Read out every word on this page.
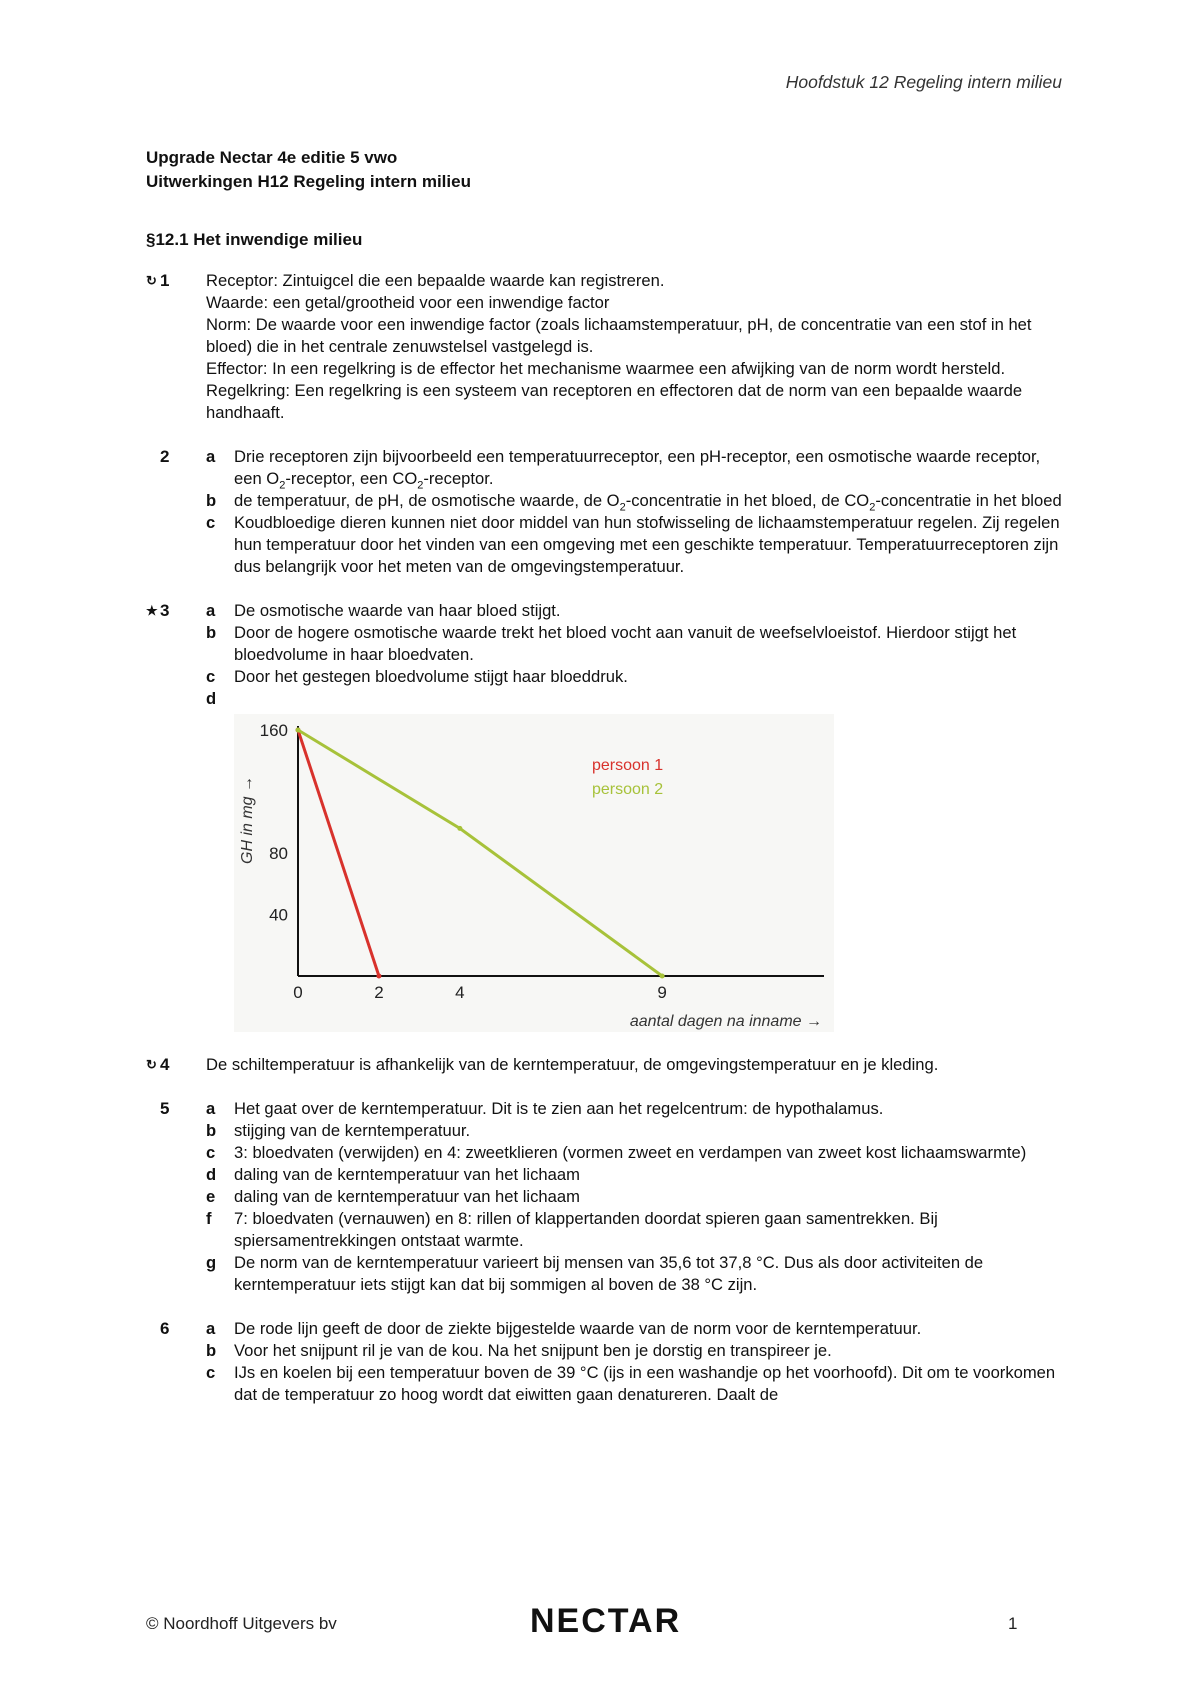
Hoofdstuk 12 Regeling intern milieu

Upgrade Nectar 4e editie 5 vwo

Uitwerkingen H12 Regeling intern milieu

§12.1 Het inwendige milieu

↻ 1 Receptor: Zintuigcel die een bepaalde waarde kan registreren.
Waarde: een getal/grootheid voor een inwendige factor
Norm: De waarde voor een inwendige factor (zoals lichaamstemperatuur, pH, de concentratie van een stof in het bloed) die in het centrale zenuwstelsel vastgelegd is.
Effector: In een regelkring is de effector het mechanisme waarmee een afwijking van de norm wordt hersteld.
Regelkring: Een regelkring is een systeem van receptoren en effectoren dat de norm van een bepaalde waarde handhaaft.
2 a	Drie receptoren zijn bijvoorbeeld een temperatuurreceptor, een pH-receptor, een osmotische waarde receptor, een $O_2$-receptor, een $CO_2$-receptor.
b	de temperatuur, de pH, de osmotische waarde, de $O_2$-concentratie in het bloed, de $CO_2$-concentratie in het bloed
c	Koudbloedige dieren kunnen niet door middel van hun stofwisseling de lichaamstemperatuur regelen. Zij regelen hun temperatuur door het vinden van een omgeving met een geschikte temperatuur. Temperatuurreceptoren zijn dus belangrijk voor het meten van de omgevingstemperatuur.
★ 3 a	De osmotische waarde van haar bloed stijgt.
b	Door de hogere osmotische waarde trekt het bloed vocht aan vanuit de weefselvloeistof. Hierdoor stijgt het bloedvolume in haar bloedvaten.
c	Door het gestegen bloedvolume stijgt haar bloeddruk.
d
160
80
40
0	2	4	9
persoon 1
persoon 2
GH in mg →
aantal dagen na inname →
↻ 4 De schiltemperatuur is afhankelijk van de kerntemperatuur, de omgevingstemperatuur en je kleding.
5 a	Het gaat over de kerntemperatuur. Dit is te zien aan het regelcentrum: de hypothalamus.
b	stijging van de kerntemperatuur.
c	3: bloedvaten (verwijden) en 4: zweetklieren (vormen zweet en verdampen van zweet kost lichaamswarmte)
d	daling van de kerntemperatuur van het lichaam
e	daling van de kerntemperatuur van het lichaam
f	7: bloedvaten (vernauwen) en 8: rillen of klappertanden doordat spieren gaan samentrekken. Bij spiersamentrekkingen ontstaat warmte.
g	De norm van de kerntemperatuur varieert bij mensen van 35,6 tot 37,8 °C. Dus als door activiteiten de kerntemperatuur iets stijgt kan dat bij sommigen al boven de 38 °C zijn.
6 a	De rode lijn geeft de door de ziekte bijgestelde waarde van de norm voor de kerntemperatuur.
b	Voor het snijpunt ril je van de kou. Na het snijpunt ben je dorstig en transpireer je.
c	IJs en koelen bij een temperatuur boven de 39 °C (ijs in een washandje op het voorhoofd). Dit om te voorkomen dat de temperatuur zo hoog wordt dat eiwitten gaan denatureren. Daalt de
© Noordhoff Uitgevers bv	NECTAR	1
